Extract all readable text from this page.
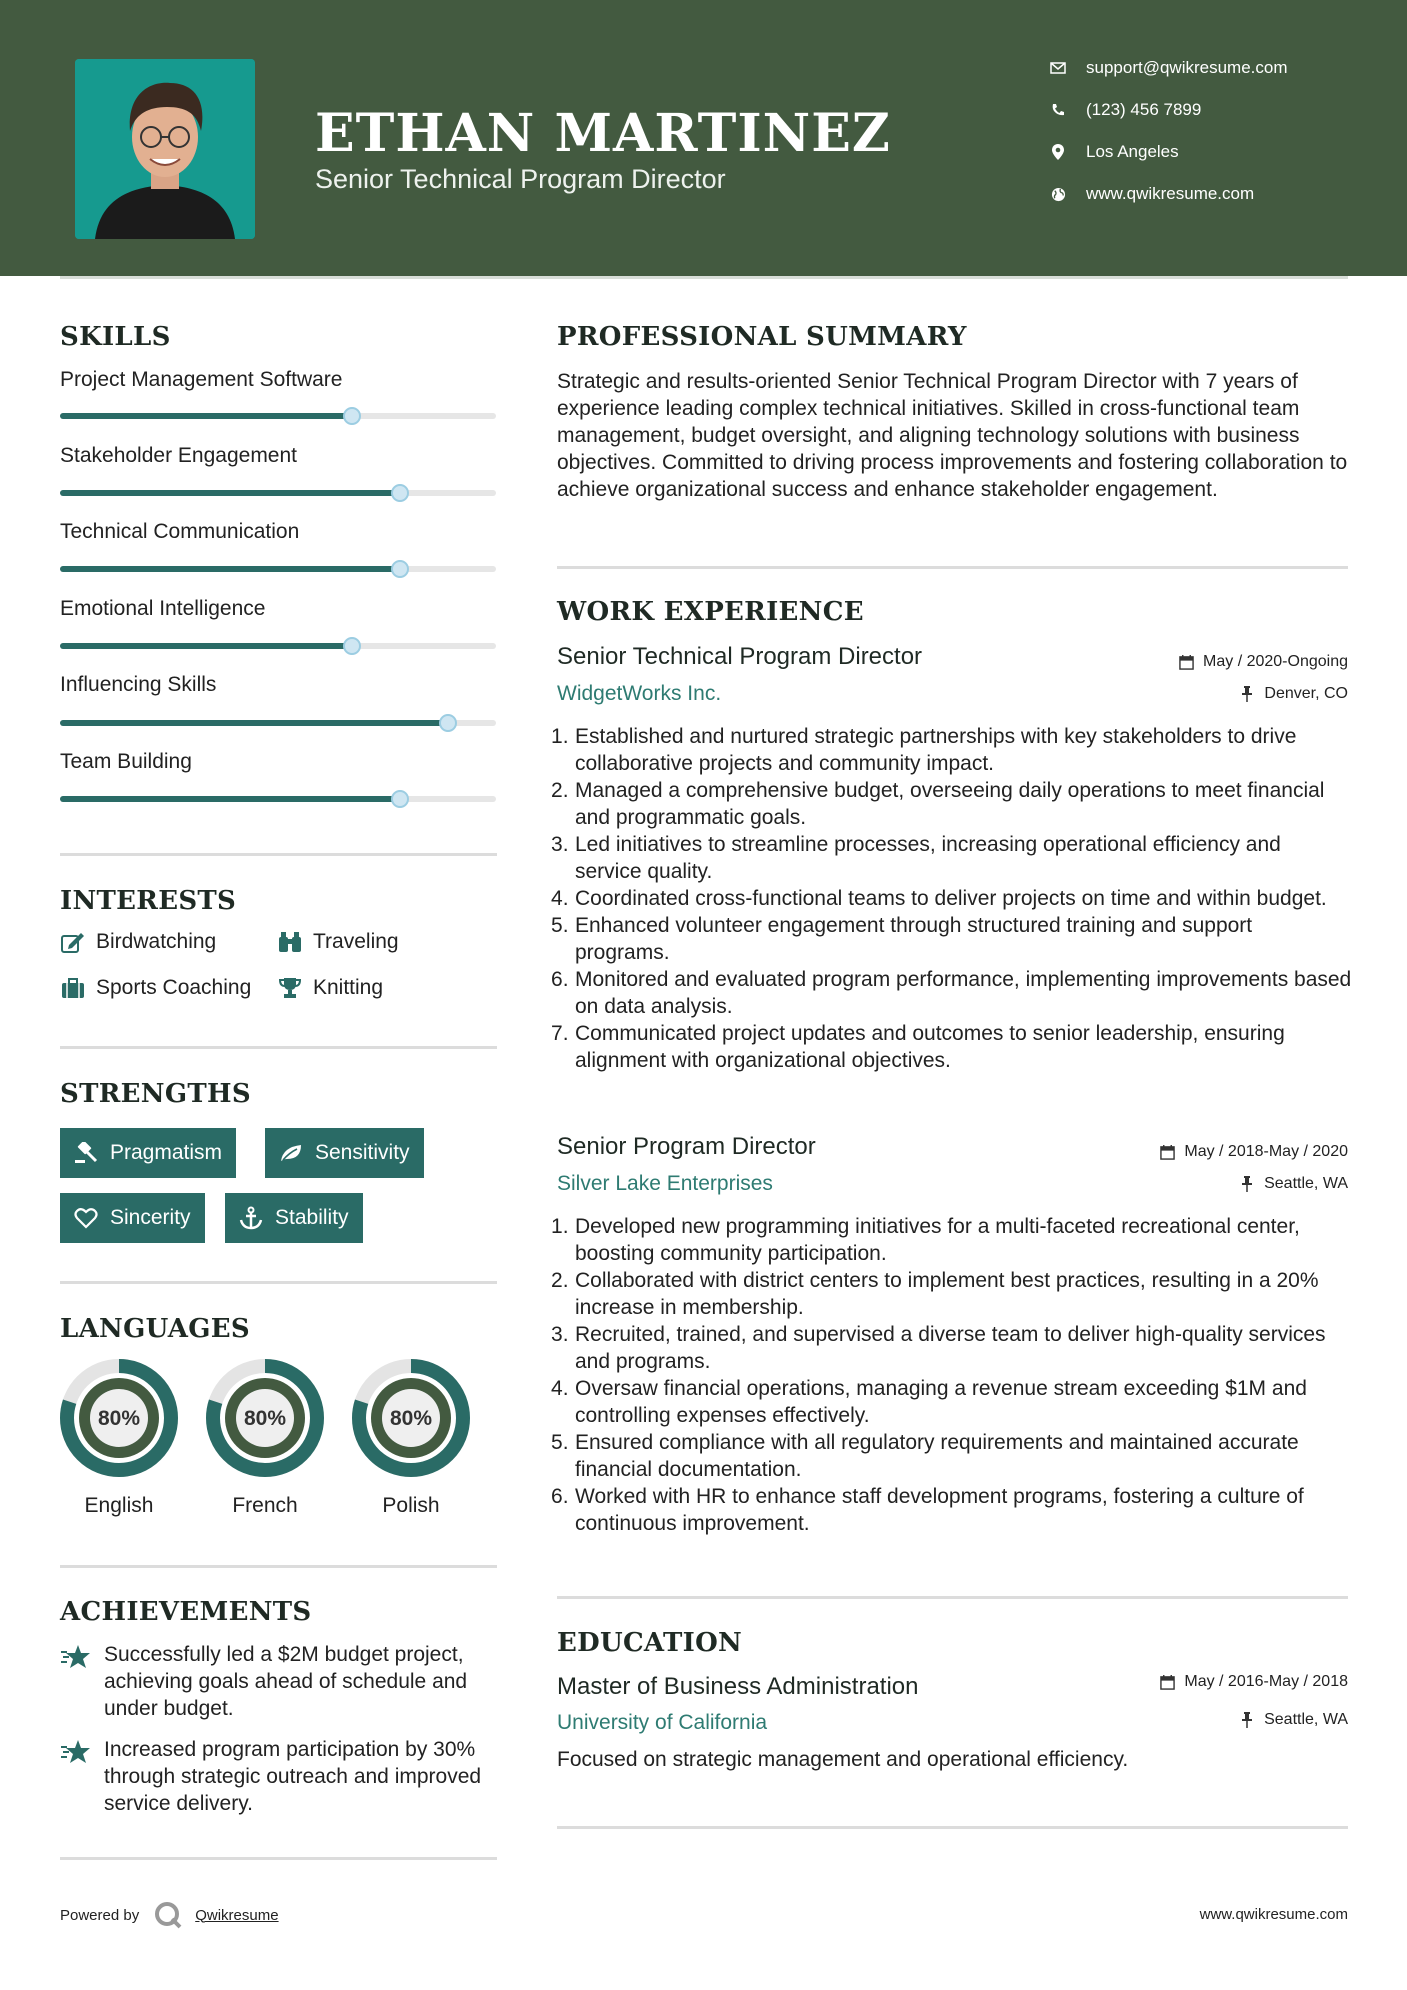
ETHAN MARTINEZ
Senior Technical Program Director
support@qwikresume.com
(123) 456 7899
Los Angeles
www.qwikresume.com
SKILLS
Project Management Software
Stakeholder Engagement
Technical Communication
Emotional Intelligence
Influencing Skills
Team Building
INTERESTS
Birdwatching	Traveling
Sports Coaching	Knitting
STRENGTHS
Pragmatism	Sensitivity
Sincerity	Stability
LANGUAGES
80%
English
80%
French
80%
Polish
ACHIEVEMENTS
Successfully led a $2M budget project, achieving goals ahead of schedule and under budget.
Increased program participation by 30% through strategic outreach and improved service delivery.
PROFESSIONAL SUMMARY
Strategic and results-oriented Senior Technical Program Director with 7 years of experience leading complex technical initiatives. Skilled in cross-functional team management, budget oversight, and aligning technology solutions with business objectives. Committed to driving process improvements and fostering collaboration to achieve organizational success and enhance stakeholder engagement.
WORK EXPERIENCE
Senior Technical Program Director	May / 2020-Ongoing
WidgetWorks Inc.	Denver, CO
Established and nurtured strategic partnerships with key stakeholders to drive collaborative projects and community impact.
Managed a comprehensive budget, overseeing daily operations to meet financial and programmatic goals.
Led initiatives to streamline processes, increasing operational efficiency and service quality.
Coordinated cross-functional teams to deliver projects on time and within budget.
Enhanced volunteer engagement through structured training and support programs.
Monitored and evaluated program performance, implementing improvements based on data analysis.
Communicated project updates and outcomes to senior leadership, ensuring alignment with organizational objectives.
Senior Program Director	May / 2018-May / 2020
Silver Lake Enterprises	Seattle, WA
Developed new programming initiatives for a multi-faceted recreational center, boosting community participation.
Collaborated with district centers to implement best practices, resulting in a 20% increase in membership.
Recruited, trained, and supervised a diverse team to deliver high-quality services and programs.
Oversaw financial operations, managing a revenue stream exceeding $1M and controlling expenses effectively.
Ensured compliance with all regulatory requirements and maintained accurate financial documentation.
Worked with HR to enhance staff development programs, fostering a culture of continuous improvement.
EDUCATION
Master of Business Administration	May / 2016-May / 2018
University of California	Seattle, WA
Focused on strategic management and operational efficiency.
Powered by	Qwikresume	www.qwikresume.com
